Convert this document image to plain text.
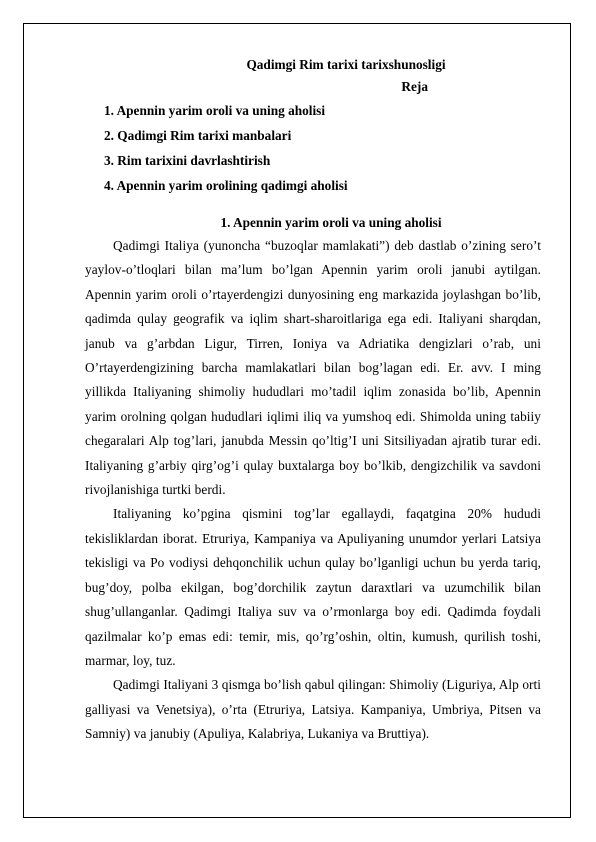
Qadimgi Rim tarixi tarixshunosligi

Reja

1. Apennin yarim oroli va uning aholisi
2. Qadimgi Rim tarixi manbalari
3. Rim tarixini davrlashtirish
4. Apennin yarim orolining qadimgi aholisi

1. Apennin yarim oroli va uning aholisi

Qadimgi Italiya (yunoncha “buzoqlar mamlakati”) deb dastlab o’zining sero’t yaylov-o’tloqlari bilan ma’lum bo’lgan Apennin yarim oroli janubi aytilgan. Apennin yarim oroli o’rtayerdengizi dunyosining eng markazida joylashgan bo’lib, qadimda qulay geografik va iqlim shart-sharoitlariga ega edi. Italiyani sharqdan, janub va g’arbdan Ligur, Tirren, Ioniya va Adriatika dengizlari o’rab, uni O’rtayerdengizining barcha mamlakatlari bilan bog’lagan edi. Er. avv. I ming yillikda Italiyaning shimoliy hududlari mo’tadil iqlim zonasida bo’lib, Apennin yarim orolning qolgan hududlari iqlimi iliq va yumshoq edi. Shimolda uning tabiiy chegaralari Alp tog’lari, janubda Messin qo’ltig’I uni Sitsiliyadan ajratib turar edi. Italiyaning g’arbiy qirg’og’i qulay buxtalarga boy bo’lkib, dengizchilik va savdoni rivojlanishiga turtki berdi.

Italiyaning ko’pgina qismini tog’lar egallaydi, faqatgina 20% hududi tekisliklardan iborat. Etruriya, Kampaniya va Apuliyaning unumdor yerlari Latsiya tekisligi va Po vodiysi dehqonchilik uchun qulay bo’lganligi uchun bu yerda tariq, bug’doy, polba ekilgan, bog’dorchilik zaytun daraxtlari va uzumchilik bilan shug’ullanganlar. Qadimgi Italiya suv va o’rmonlarga boy edi. Qadimda foydali qazilmalar ko’p emas edi: temir, mis, qo’rg’oshin, oltin, kumush, qurilish toshi, marmar, loy, tuz.

Qadimgi Italiyani 3 qismga bo’lish qabul qilingan: Shimoliy (Liguriya, Alp orti galliyasi va Venetsiya), o’rta (Etruriya, Latsiya. Kampaniya, Umbriya, Pitsen va Samniy) va janubiy (Apuliya, Kalabriya, Lukaniya va Bruttiya).
